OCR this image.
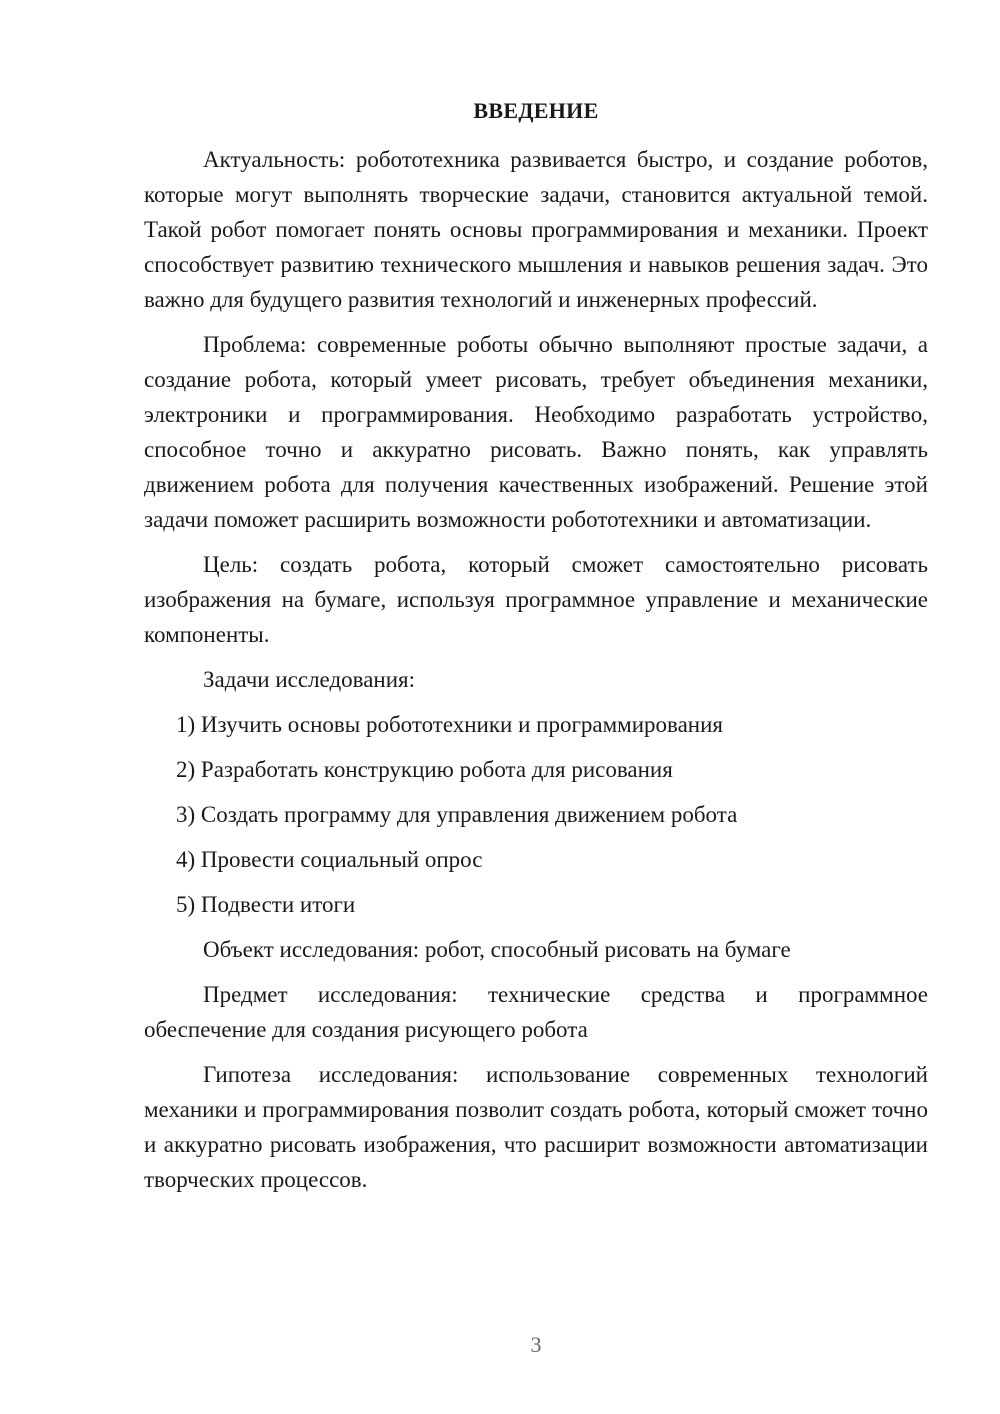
ВВЕДЕНИЕ

Актуальность: робототехника развивается быстро, и создание роботов, которые могут выполнять творческие задачи, становится актуальной темой. Такой робот помогает понять основы программирования и механики. Проект способствует развитию технического мышления и навыков решения задач. Это важно для будущего развития технологий и инженерных профессий.

Проблема: современные роботы обычно выполняют простые задачи, а создание робота, который умеет рисовать, требует объединения механики, электроники и программирования. Необходимо разработать устройство, способное точно и аккуратно рисовать. Важно понять, как управлять движением робота для получения качественных изображений. Решение этой задачи поможет расширить возможности робототехники и автоматизации.

Цель: создать робота, который сможет самостоятельно рисовать изображения на бумаге, используя программное управление и механические компоненты.

Задачи исследования:

1) Изучить основы робототехники и программирования
2) Разработать конструкцию робота для рисования
3) Создать программу для управления движением робота
4) Провести социальный опрос
5) Подвести итоги

Объект исследования: робот, способный рисовать на бумаге

Предмет исследования: технические средства и программное обеспечение для создания рисующего робота

Гипотеза исследования: использование современных технологий механики и программирования позволит создать робота, который сможет точно и аккуратно рисовать изображения, что расширит возможности автоматизации творческих процессов.

3
